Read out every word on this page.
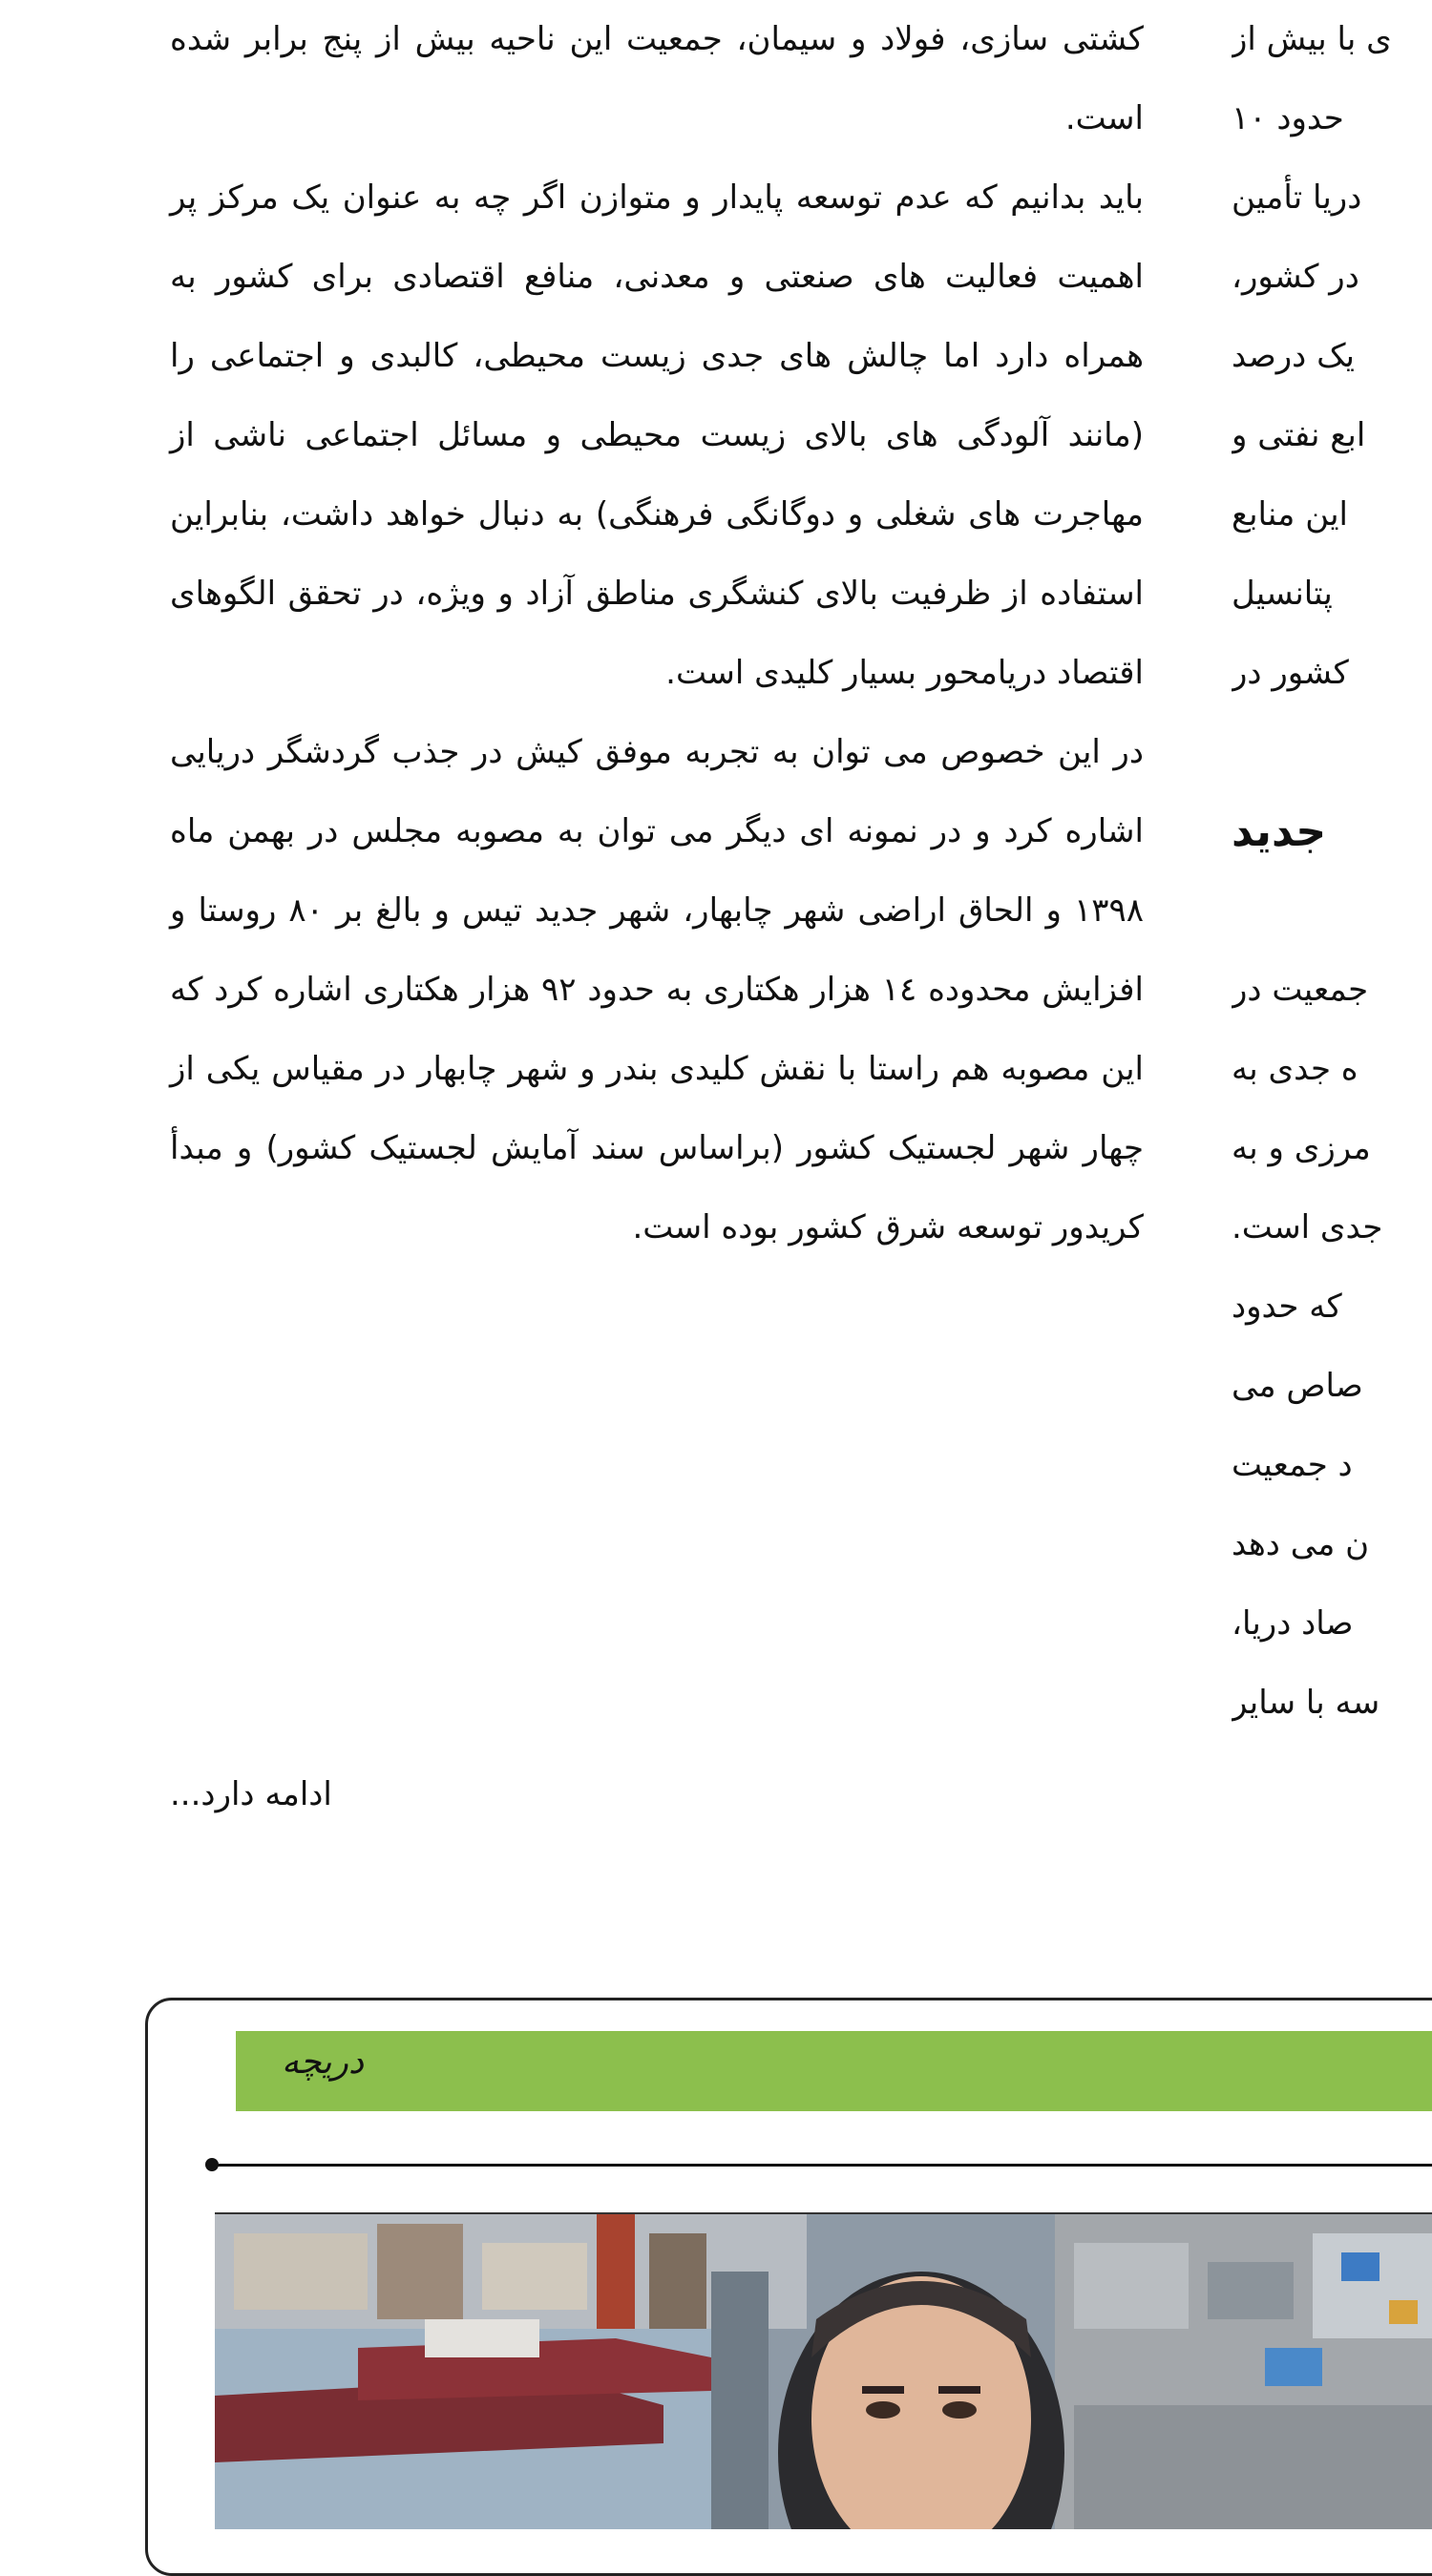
کشتی سازی، فولاد و سیمان، جمعیت این ناحیه بیش از پنج برابر شده است.

باید بدانیم که عدم توسعه پایدار و متوازن اگر چه به عنوان یک مرکز پر اهمیت فعالیت های صنعتی و معدنی، منافع اقتصادی برای کشور به همراه دارد اما چالش های جدی زیست محیطی، کالبدی و اجتماعی را (مانند آلودگی های بالای زیست محیطی و مسائل اجتماعی ناشی از مهاجرت های شغلی و دوگانگی فرهنگی) به دنبال خواهد داشت، بنابراین استفاده از ظرفیت بالای کنشگری مناطق آزاد و ویژه، در تحقق الگوهای اقتصاد دریامحور بسیار کلیدی است.

در این خصوص می توان به تجربه موفق کیش در جذب گردشگر دریایی اشاره کرد و در نمونه ای دیگر می توان به مصوبه مجلس در بهمن ماه ۱۳۹۸ و الحاق اراضی شهر چابهار، شهر جدید تیس و بالغ بر ۸۰ روستا و افزایش محدوده ۱٤ هزار هکتاری به حدود ۹۲ هزار هکتاری اشاره کرد که این مصوبه هم راستا با نقش کلیدی بندر و شهر چابهار در مقیاس یکی از چهار شهر لجستیک کشور (براساس سند آمایش لجستیک کشور) و مبدأ کریدور توسعه شرق کشور بوده است.

ادامه دارد...
ی با بیش از
حدود ۱۰
دریا تأمین
در کشور،
یک درصد
ابع نفتی و
این منابع
پتانسیل
کشور در
جدید
جمعیت در
ه جدی به
مرزی و به
جدی است.
که حدود
صاص می
د جمعیت
ن می دهد
صاد دریا،
سه با سایر
دریچه
